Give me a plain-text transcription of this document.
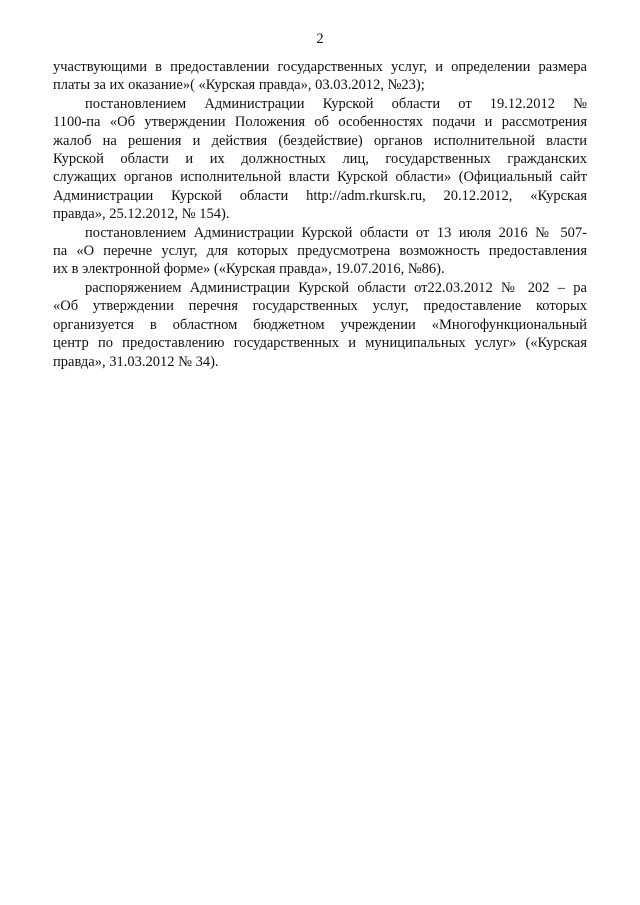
2
участвующими в предоставлении государственных услуг, и определении размера
платы за их оказание»( «Курская правда», 03.03.2012, №23);
постановлением Администрации Курской области от 19.12.2012 №
1100-па «Об утверждении Положения об особенностях подачи и рассмотрения
жалоб на решения и действия (бездействие) органов исполнительной власти
Курской области и их должностных лиц, государственных гражданских
служащих органов исполнительной власти Курской области» (Официальный сайт
Администрации Курской области http://adm.rkursk.ru, 20.12.2012, «Курская
правда», 25.12.2012, № 154).
постановлением Администрации Курской области от 13 июля 2016 № 507-
па «О перечне услуг, для которых предусмотрена возможность предоставления
их в электронной форме» («Курская правда», 19.07.2016, №86).
распоряжением Администрации Курской области от22.03.2012 № 202 – ра
«Об утверждении перечня государственных услуг, предоставление которых
организуется в областном бюджетном учреждении «Многофункциональный
центр по предоставлению государственных и муниципальных услуг» («Курская
правда», 31.03.2012 № 34).
